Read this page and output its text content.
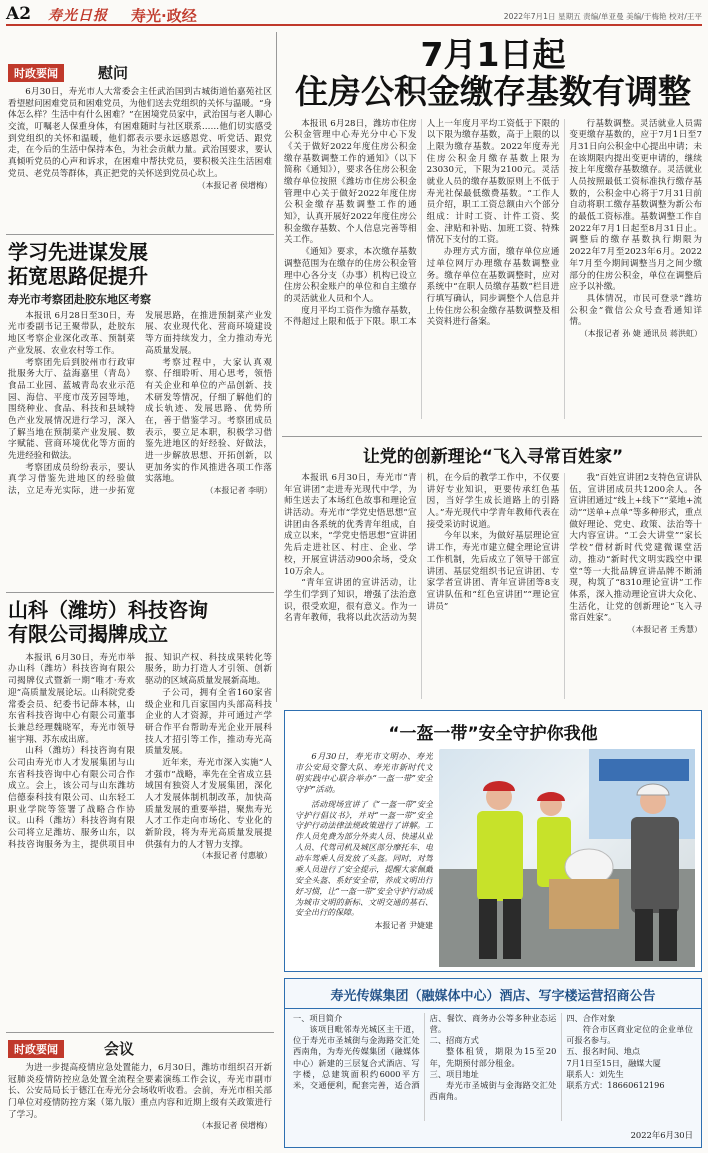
A2 寿光日报 寿光·政经	2022年7月1日 星期五 责编/单亚曼 美编/于梅艳 校对/王平
时政要闻	慰问

6月30日，寿光市人大常委会主任武治国到古城街道怡嘉苑社区看望慰问困难党员和困难党员，为他们送去党组织的关怀与温暖。“身体怎么样？生活中有什么困难？”在困境党员家中，武治国与老人聊心交流，叮嘱老人保重身体，有困难随时与社区联系……他们切实感受到党组织的关怀和温暖，他们都表示要永远感恩党、听党话、跟党走，在今后的生活中保持本色，为社会贡献力量。武治国要求，要认真倾听党员的心声和诉求，在困难中帮扶党员，要积极关注生活困难党员、老党员等群体，真正把党的关怀送到党员心坎上。

（本报记者 侯增梅）
学习先进谋发展
拓宽思路促提升
寿光市考察团赴胶东地区考察

本报讯 6月28日至30日，寿光市委副书记王聚带队，赴胶东地区考察企业深化改革、预制菜产业发展、农业农村等工作。

考察团先后到胶州市行政审批服务大厅、益海嘉里（青岛）食品工业园、蓝城青岛农业示范园、海信、平度市茂芳园等地，围绕种业、食品、科技和县域特色产业发展情况进行学习，深入了解当地在预制菜产业发展、数字赋能、营商环境优化等方面的先进经验和做法。

考察团成员纷纷表示，要认真学习借鉴先进地区的经验做法，立足寿光实际，进一步拓宽发展思路，在推进预制菜产业发展、农业现代化、营商环境建设等方面持续发力，全力推动寿光高质量发展。

考察过程中，大家认真观察、仔细聆听、用心思考，领悟有关企业和单位的产品创新、技术研发等情况，仔细了解他们的成长轨迹、发展思路、优势所在，善于借鉴学习。考察团成员表示，要立足本职，积极学习借鉴先进地区的好经验、好做法，进一步解放思想、开拓创新，以更加务实的作风推进各项工作落实落地。

（本报记者 李明）
山科（潍坊）科技咨询
有限公司揭牌成立

本报讯 6月30日，寿光市举办山科（潍坊）科技咨询有限公司揭牌仪式暨新一期“唯才·寿欢迎”高质量发展论坛。山科院党委常委会员、纪委书记薛本林，山东省科技咨询中心有限公司董事长兼总经理魏晓军，寿光市领导崔宇翔、苏东成出席。

山科（潍坊）科技咨询有限公司由寿光市人才发展集团与山东省科技咨询中心有限公司合作成立。会上，该公司与山东潍坊信德泰科技有限公司、山东轻工职业学院等签署了战略合作协议。山科（潍坊）科技咨询有限公司将立足潍坊、服务山东，以科技咨询服务为主，提供项目申报、知识产权、科技成果转化等服务，助力打造人才引领、创新驱动的区域高质量发展新高地。

子公司，拥有全省160家省级企业和几百家国内头部高科技企业的人才资源，并可通过产学研合作平台帮助寿光企业开展科技人才招引等工作，推动寿光高质量发展。

近年来，寿光市深入实施“人才强市”战略，率先在全省成立县域国有独资人才发展集团，深化人才发展体制机制改革，加快高质量发展的重要举措，聚焦寿光人才工作走向市场化、专业化的新阶段，将为寿光高质量发展提供强有力的人才智力支撑。

（本报记者 付惠敏）
时政要闻	会议

为进一步提高疫情应急处置能力，6月30日，潍坊市组织召开新冠肺炎疫情防控应急处置全流程全要素演练工作会议，寿光市副市长、公安局局长于德江在寿光分会场收听收看。会前，寿光市相关部门单位对疫情防控方案（第九版）重点内容和近期上级有关政策进行了学习。

（本报记者 侯增梅）
7月1日起
住房公积金缴存基数有调整

本报讯 6月28日，潍坊市住房公积金管理中心寿光分中心下发《关于做好2022年度住房公积金缴存基数调整工作的通知》（以下简称《通知》），要求各住房公积金缴存单位按照《潍坊市住房公积金管理中心关于做好2022年度住房公积金缴存基数调整工作的通知》，认真开展好2022年度住房公积金缴存基数、个人信息完善等相关工作。

《通知》要求，本次缴存基数调整范围为在缴存的住房公积金管理中心各分支（办事）机构已设立住房公积金账户的单位和自主缴存的灵活就业人员和个人。

度月平均工资作为缴存基数，不得超过上限和低于下限。职工本人上一年度月平均工资低于下限的以下限为缴存基数，高于上限的以上限为缴存基数。2022年度寿光住房公积金月缴存基数上限为23030元，下限为2100元。灵活就业人员的缴存基数原则上不低于寿光社保最低缴费基数。“工作人员介绍，职工工资总额由六个部分组成：计时工资、计件工资、奖金、津贴和补贴、加班工资、特殊情况下支付的工资。

办理方式方面，缴存单位应通过单位网厅办理缴存基数调整业务。缴存单位在基数调整时，应对系统中“在职人员缴存基数”栏目进行填写确认，同步调整个人信息并上传住房公积金缴存基数调整及相关资料进行备案。

行基数调整。灵活就业人员需变更缴存基数的，应于7月1日至7月31日向公积金中心提出申请；未在该期限内提出变更申请的，继续按上年度缴存基数缴存。灵活就业人员按照最低工资标准执行缴存基数的，公积金中心将于7月31日前自动将职工缴存基数调整为新公布的最低工资标准。基数调整工作自2022年7月1日起至8月31日止。调整后的缴存基数执行期限为2022年7月至2023年6月。2022年7月至今期间调整当月之间少缴部分的住房公积金，单位在调整后应予以补缴。

具体情况，市民可登录“潍坊公积金”微信公众号查看通知详情。

（本报记者 孙 婕 通讯员 蒋洪虹）
让党的创新理论“飞入寻常百姓家”

本报讯 6月30日，寿光市“青年宣讲团”走进寿光现代中学，为师生送去了本场红色故事和理论宣讲活动。寿光市“学党史悟思想”宣讲团由各系统的优秀青年组成，自成立以来，“学党史悟思想”宣讲团先后走进社区、村庄、企业、学校，开展宣讲活动900余场，受众10万余人。

“青年宣讲团的宣讲活动，让学生们学到了知识，增强了法治意识，很受欢迎，很有意义。作为一名青年教师，我将以此次活动为契机，在今后的教学工作中，不仅要讲好专业知识，更要传承红色基因，当好学生成长道路上的引路人。”寿光现代中学青年教师代表在接受采访时说道。

今年以来，为做好基层理论宣讲工作，寿光市建立健全理论宣讲工作机制，先后成立了领导干部宣讲团、基层党组织书记宣讲团、专家学者宣讲团、青年宣讲团等8支宣讲队伍和“红色宣讲团”“理论宣讲员”

我”百姓宣讲团2支特色宣讲队伍，宣讲团成员共1200余人。各宣讲团通过“线上+线下”“菜地+流动”“送单+点单”等多种形式，重点做好理论、党史、政策、法治等十大内容宣讲。“工会大讲堂”“家长学校”借材新时代党建微课堂活动，推动“新时代文明实践空中课堂”等一大批品牌宣讲品牌不断涌现，构筑了“8310理论宣讲”工作体系，深入推动理论宣讲大众化、生活化，让党的创新理论“飞入寻常百姓家”。

（本报记者 王秀慧）
“一盔一带”安全守护你我他

6月30日，寿光市文明办、寿光市公安局交警大队、寿光市新时代文明实践中心联合举办“一盔一带”安全守护“活动。

活动现场宣讲了《“一盔一带”安全守护行倡议书》，并对“一盔一带”安全守护行动法律法规政策进行了讲解。工作人员免费为部分外卖人员、快递从业人员、代驾司机及城区部分摩托车、电动车驾乘人员发放了头盔。同时，对驾乘人员进行了安全提示，提醒大家佩戴安全头盔、系好安全带，养成文明出行好习惯，让“一盔一带”安全守护行动成为城市文明的新标、文明交通的基石、安全出行的保障。

本报记者 尹婕建
寿光传媒集团（融媒体中心）酒店、写字楼运营招商公告
一、项目简介

该项目毗邻寿光城区主干道，位于寿光市圣城街与金海路交汇处西南角，为寿光传媒集团（融媒体中心）新建的三层复合式酒店、写字楼，总建筑面积约6000平方米，交通便利，配套完善，适合酒店、餐饮、商务办公等多种业态运营。

二、招商方式

整体租赁，期限为15至20年，先期预付部分租金。

三、项目地址

寿光市圣城街与金海路交汇处西南角。

四、合作对象

符合市区商业定位的企业单位可报名参与。

五、报名时间、地点
7月1日至15日，融媒大厦
联系人：刘先生
联系方式：18660612196
2022年6月30日
